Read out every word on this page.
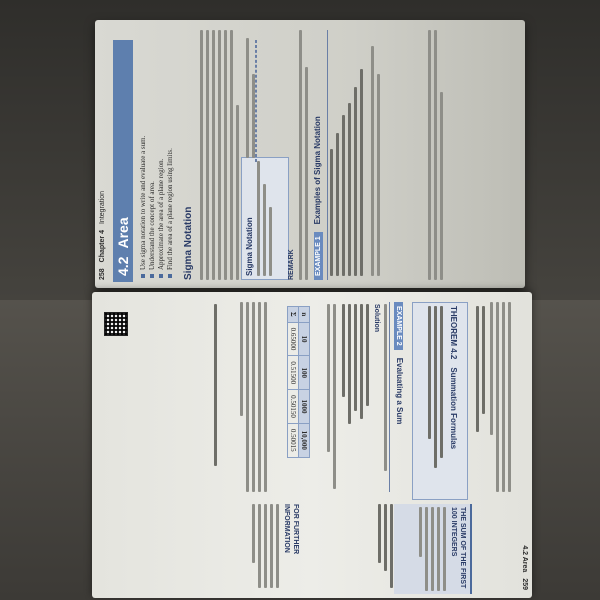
258
Chapter 4
Integration
4.2
Area Use sigma notation to write and evaluate a sum. Understand the concept of area. Approximate the area of a plane region. Find the area of a plane region using limits. Sigma Notation	Sigma Notation	REMARK	EXAMPLE 1 Examples of Sigma Notation
4.2 Area
259
THEOREM 4.2 Summation Formulas
EXAMPLE 2 Evaluating a Sum
Solution
n	10	100	1000	10,000
Σ	0.65000	0.51500	0.50150	0.50015
THE SUM OF THE FIRST 100 INTEGERS
FOR FURTHER INFORMATION
